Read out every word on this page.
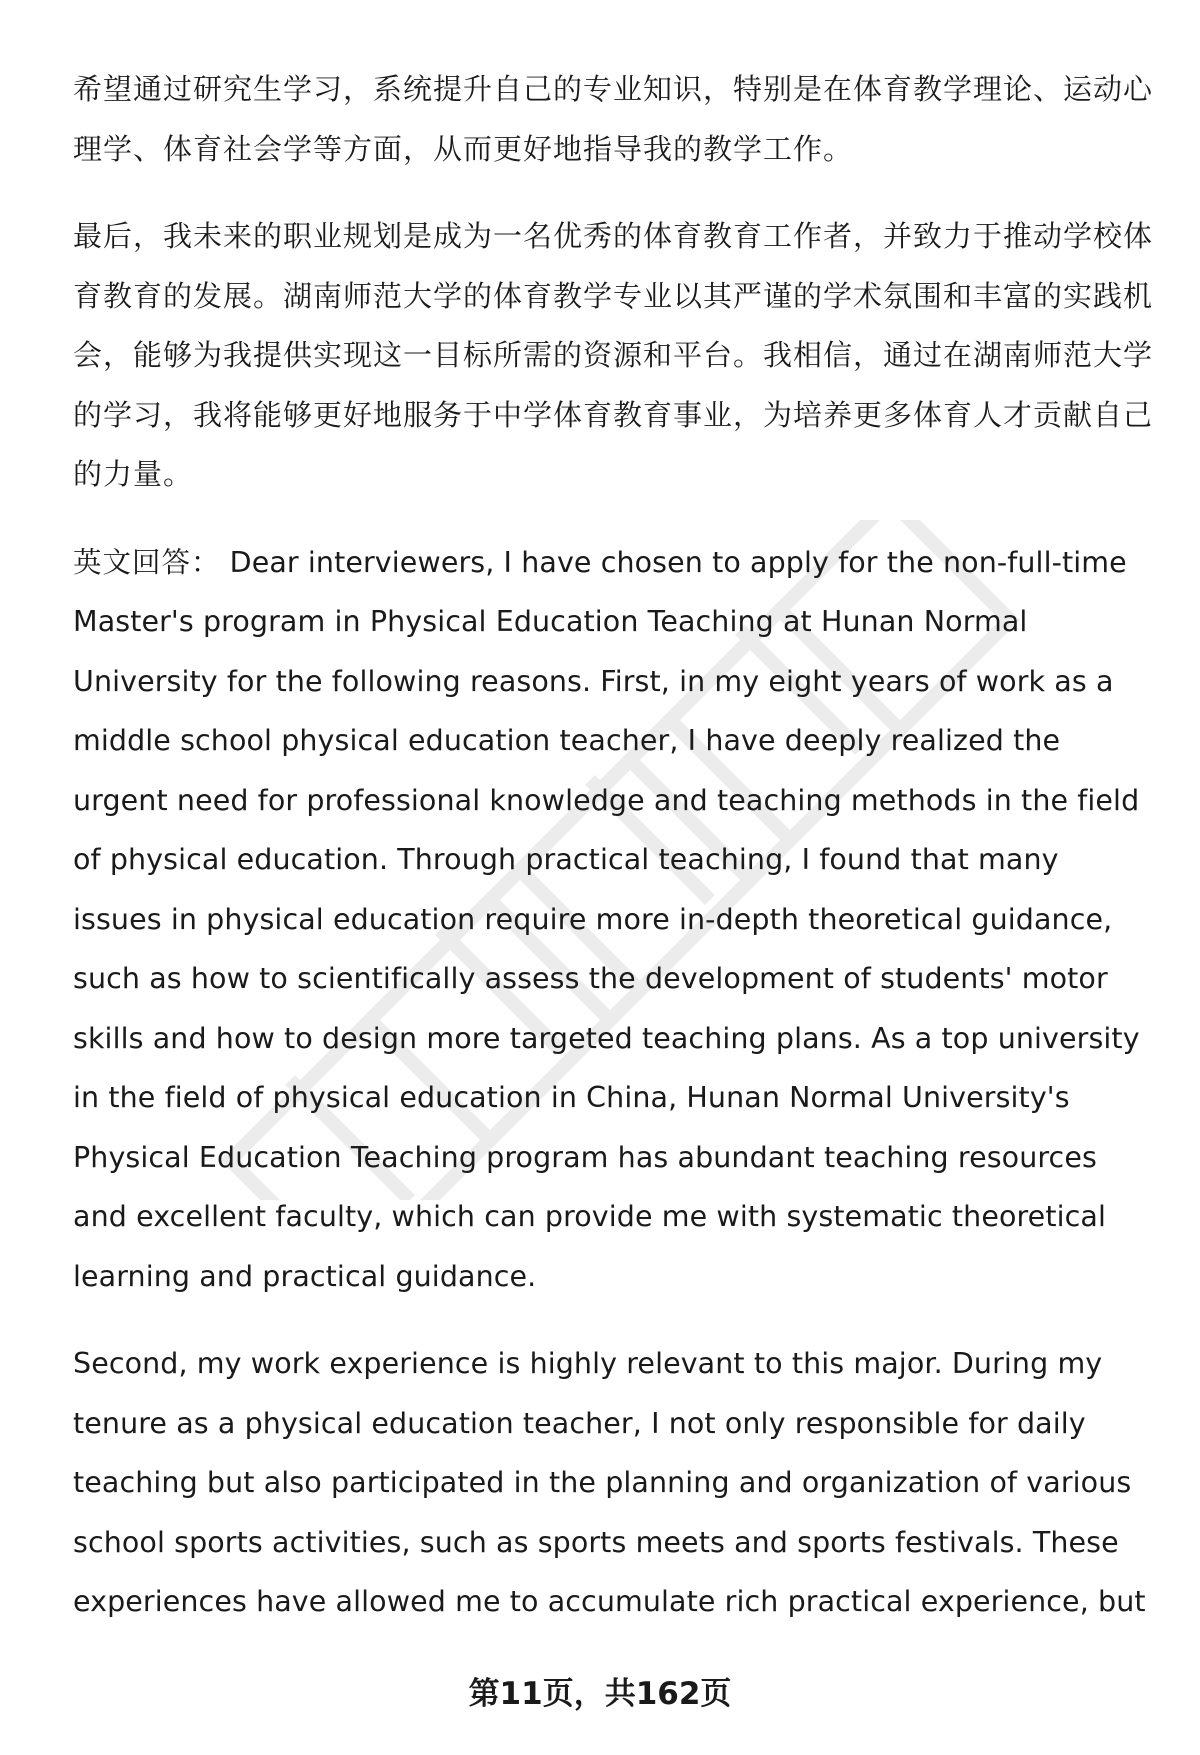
希望通过研究生学习，系统提升自己的专业知识，特别是在体育教学理论、运动心理学、体育社会学等方面，从而更好地指导我的教学工作。

最后，我未来的职业规划是成为一名优秀的体育教育工作者，并致力于推动学校体育教育的发展。湖南师范大学的体育教学专业以其严谨的学术氛围和丰富的实践机会，能够为我提供实现这一目标所需的资源和平台。我相信，通过在湖南师范大学的学习，我将能够更好地服务于中学体育教育事业，为培养更多体育人才贡献自己的力量。

英文回答： Dear interviewers, I have chosen to apply for the non-full-time Master's program in Physical Education Teaching at Hunan Normal University for the following reasons. First, in my eight years of work as a middle school physical education teacher, I have deeply realized the urgent need for professional knowledge and teaching methods in the field of physical education. Through practical teaching, I found that many issues in physical education require more in-depth theoretical guidance, such as how to scientifically assess the development of students' motor skills and how to design more targeted teaching plans. As a top university in the field of physical education in China, Hunan Normal University's Physical Education Teaching program has abundant teaching resources and excellent faculty, which can provide me with systematic theoretical learning and practical guidance.

Second, my work experience is highly relevant to this major. During my tenure as a physical education teacher, I not only responsible for daily teaching but also participated in the planning and organization of various school sports activities, such as sports meets and sports festivals. These experiences have allowed me to accumulate rich practical experience, but

第11页，共162页
